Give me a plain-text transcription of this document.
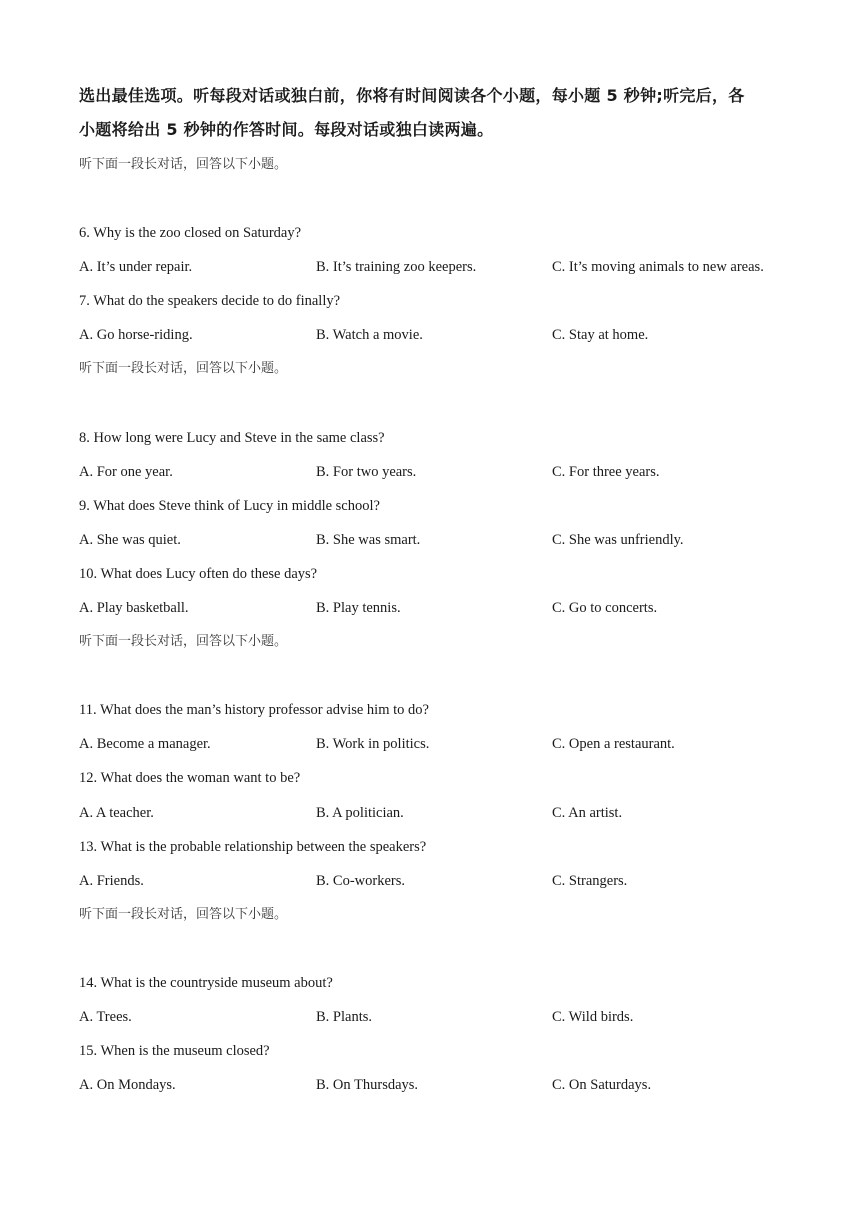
选出最佳选项。听每段对话或独白前，你将有时间阅读各个小题，每小题 5 秒钟;听完后，各
小题将给出 5 秒钟的作答时间。每段对话或独白读两遍。
听下面一段长对话，回答以下小题。
6. Why is the zoo closed on Saturday?
A. It’s under repair.	B. It’s training zoo keepers.	C. It’s moving animals to new areas.
7. What do the speakers decide to do finally?
A. Go horse-riding.	B. Watch a movie.	C. Stay at home.
听下面一段长对话，回答以下小题。
8. How long were Lucy and Steve in the same class?
A. For one year.	B. For two years.	C. For three years.
9. What does Steve think of Lucy in middle school?
A. She was quiet.	B. She was smart.	C. She was unfriendly.
10. What does Lucy often do these days?
A. Play basketball.	B. Play tennis.	C. Go to concerts.
听下面一段长对话，回答以下小题。
11. What does the man’s history professor advise him to do?
A. Become a manager.	B. Work in politics.	C. Open a restaurant.
12. What does the woman want to be?
A. A teacher.	B. A politician.	C. An artist.
13. What is the probable relationship between the speakers?
A. Friends.	B. Co-workers.	C. Strangers.
听下面一段长对话，回答以下小题。
14. What is the countryside museum about?
A. Trees.	B. Plants.	C. Wild birds.
15. When is the museum closed?
A. On Mondays.	B. On Thursdays.	C. On Saturdays.
